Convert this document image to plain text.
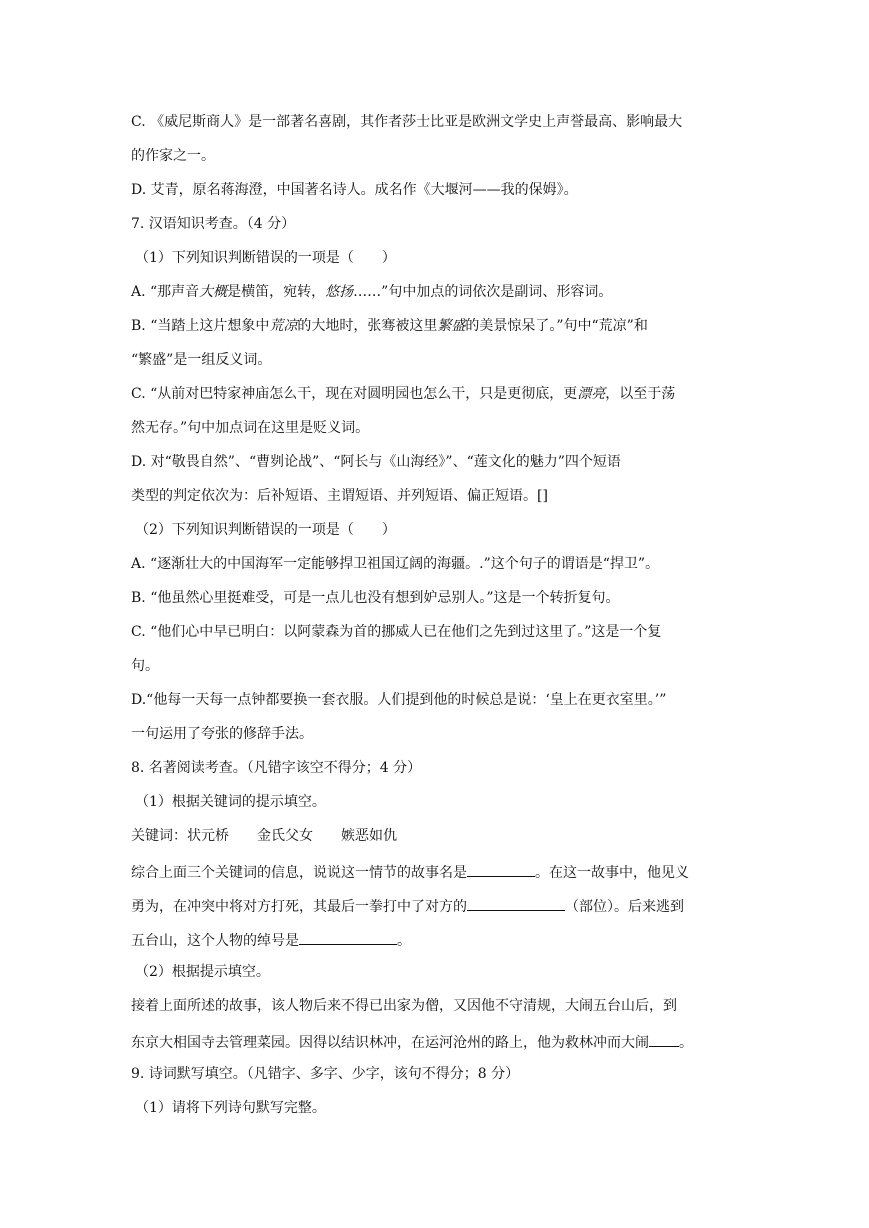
C. 《威尼斯商人》是一部著名喜剧，其作者莎士比亚是欧洲文学史上声誉最高、影响最大
的作家之一。
D. 艾青，原名蒋海澄，中国著名诗人。成名作《大堰河——我的保姆》。
7. 汉语知识考查。（4 分）
（1）下列知识判断错误的一项是（　　）
A. “那声音大概是横笛，宛转，悠扬……”句中加点的词依次是副词、形容词。
B. “当踏上这片想象中荒凉的大地时，张骞被这里繁盛的美景惊呆了。”句中“荒凉”和
“繁盛”是一组反义词。
C. “从前对巴特家神庙怎么干，现在对圆明园也怎么干，只是更彻底，更漂亮，以至于荡
然无存。”句中加点词在这里是贬义词。
D. 对“敬畏自然”、“曹刿论战”、“阿长与《山海经》”、“莲文化的魅力”四个短语
类型的判定依次为：后补短语、主谓短语、并列短语、偏正短语。[]
（2）下列知识判断错误的一项是（　　）
A. “逐渐壮大的中国海军一定能够捍卫祖国辽阔的海疆。.”这个句子的谓语是“捍卫”。
B. “他虽然心里挺难受，可是一点儿也没有想到妒忌别人。”这是一个转折复句。
C. “他们心中早已明白：以阿蒙森为首的挪威人已在他们之先到过这里了。”这是一个复
句。
D.“他每一天每一点钟都要换一套衣服。人们提到他的时候总是说：‘皇上在更衣室里。’”
一句运用了夸张的修辞手法。
8. 名著阅读考查。（凡错字该空不得分；4 分）
（1）根据关键词的提示填空。
关键词：状元桥 金氏父女 嫉恶如仇
综合上面三个关键词的信息，说说这一情节的故事名是	。在这一故事中，他见义
勇为，在冲突中将对方打死，其最后一拳打中了对方的	（部位）。后来逃到
五台山，这个人物的绰号是	。
（2）根据提示填空。
接着上面所述的故事，该人物后来不得已出家为僧，又因他不守清规，大闹五台山后，到
东京大相国寺去管理菜园。因得以结识林冲，在运河沧州的路上，他为救林冲而大闹 。
9. 诗词默写填空。（凡错字、多字、少字，该句不得分；8 分）
（1）请将下列诗句默写完整。
